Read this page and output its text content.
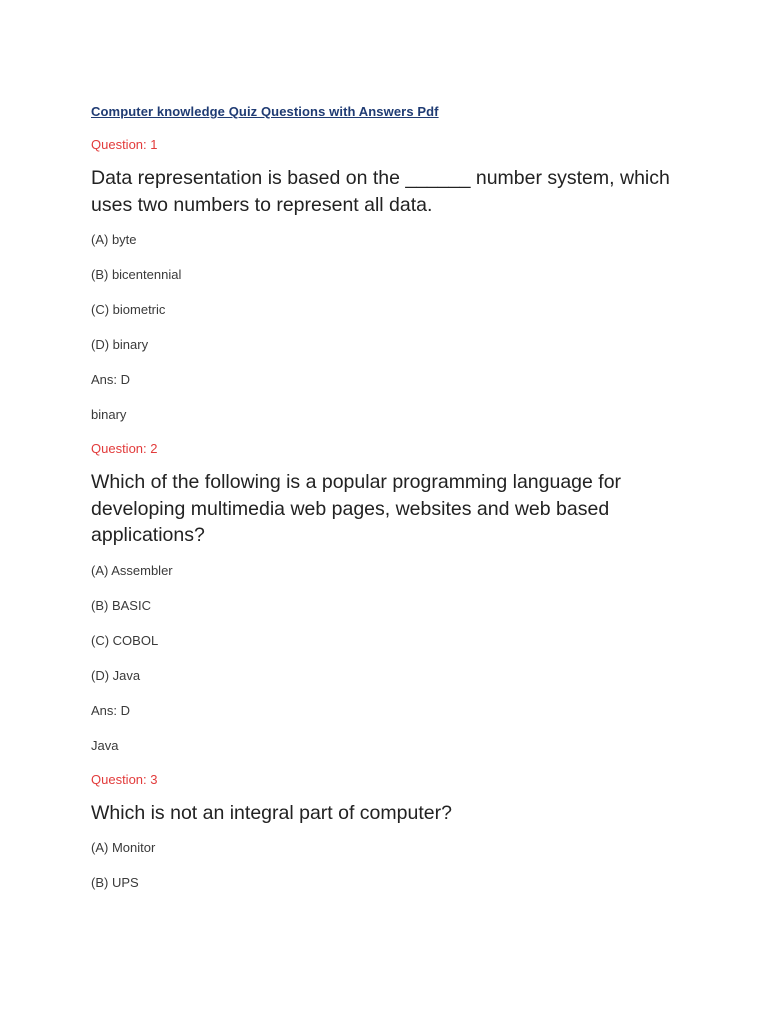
Computer knowledge Quiz Questions with Answers Pdf
Question: 1
Data representation is based on the ______ number system, which uses two numbers to represent all data.
(A) byte
(B) bicentennial
(C) biometric
(D) binary
Ans: D
binary
Question: 2
Which of the following is a popular programming language for developing multimedia web pages, websites and web based applications?
(A) Assembler
(B) BASIC
(C) COBOL
(D) Java
Ans: D
Java
Question: 3
Which is not an integral part of computer?
(A) Monitor
(B) UPS
